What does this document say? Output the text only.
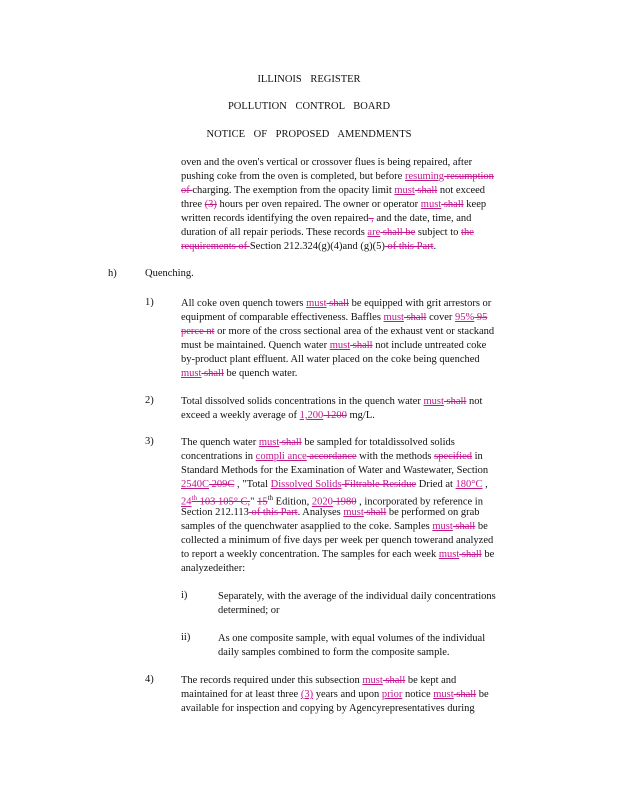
ILLINOIS REGISTER
POLLUTION CONTROL BOARD
NOTICE OF PROPOSED AMENDMENTS
oven and the oven's vertical or crossover flues is being repaired, after
pushing coke from the oven is completed, but before resuming resumption
of charging. The exemption from the opacity limit must shall not exceed
three (3) hours per oven repaired. The owner or operator must shall keep
written records identifying the oven repaired , and the date, time, and
duration of all repair periods. These records are shall be subject to the
requirements of Section 212.324(g)(4)and (g)(5) of this Part.
h)	Quenching.
1)	All coke oven quench towers must shall be equipped with grit arrestors or
equipment of comparable effectiveness. Baffles must shall cover 95% 95
perce nt or more of the cross sectional area of the exhaust vent or stackand
must be maintained. Quench water must shall not include untreated coke
by-product plant effluent. All water placed on the coke being quenched
must shall be quench water.
2)	Total dissolved solids concentrations in the quench water must shall not
exceed a weekly average of 1,200 1200 mg/L.
3)	The quench water must shall be sampled for totaldissolved solids
concentrations in compli ance accordance with the methods specified in
Standard Methods for the Examination of Water and Wastewater, Section
2540C 209C , "Total Dissolved Solids Filtrable Residue Dried at 180°C ,
24th 103 105° C," 15th Edition, 2020 1980 , incorporated by reference in
Section 212.113 of this Part. Analyses must shall be performed on grab
samples of the quenchwater asapplied to the coke. Samples must shall be
collected a minimum of five days per week per quench towerand analyzed
to report a weekly concentration. The samples for each week must shall be
analyzedeither:
i)	Separately, with the average of the individual daily concentrations
determined; or
ii)	As one composite sample, with equal volumes of the individual
daily samples combined to form the composite sample.
4)	The records required under this subsection must shall be kept and
maintained for at least three (3) years and upon prior notice must shall be
available for inspection and copying by Agencyrepresentatives during
